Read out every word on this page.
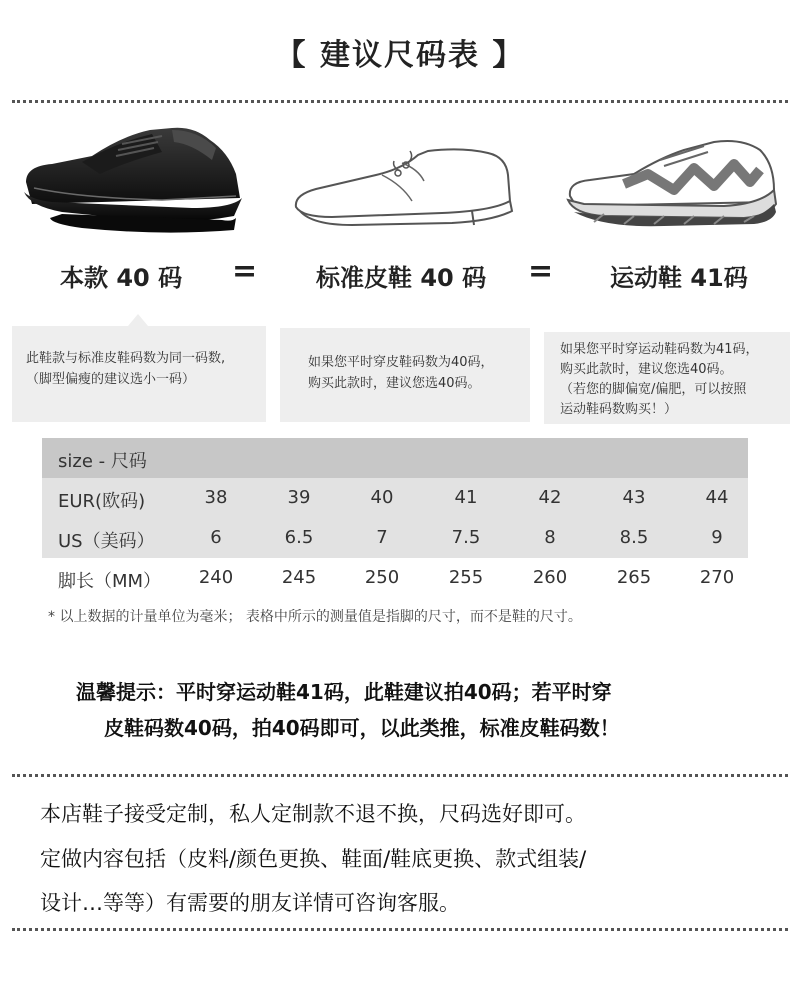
【 建议尺码表 】
本款 40 码 = 标准皮鞋 40 码 = 运动鞋 41码
此鞋款与标准皮鞋码数为同一码数,
（脚型偏瘦的建议选小一码）
如果您平时穿皮鞋码数为40码，
购买此款时，建议您选40码。
如果您平时穿运动鞋码数为41码，
购买此款时，建议您选40码。
（若您的脚偏宽/偏肥，可以按照
运动鞋码数购买！）
size - 尺码
EUR(欧码)	38	39	40	41	42	43	44
US（美码）	6	6.5	7	7.5	8	8.5	9
脚长（MM）	240	245	250	255	260	265	270
* 以上数据的计量单位为毫米； 表格中所示的测量值是指脚的尺寸，而不是鞋的尺寸。
温馨提示：平时穿运动鞋41码，此鞋建议拍40码；若平时穿
皮鞋码数40码，拍40码即可，以此类推，标准皮鞋码数！
本店鞋子接受定制，私人定制款不退不换，尺码选好即可。
定做内容包括（皮料/颜色更换、鞋面/鞋底更换、款式组装/
设计…等等）有需要的朋友详情可咨询客服。
